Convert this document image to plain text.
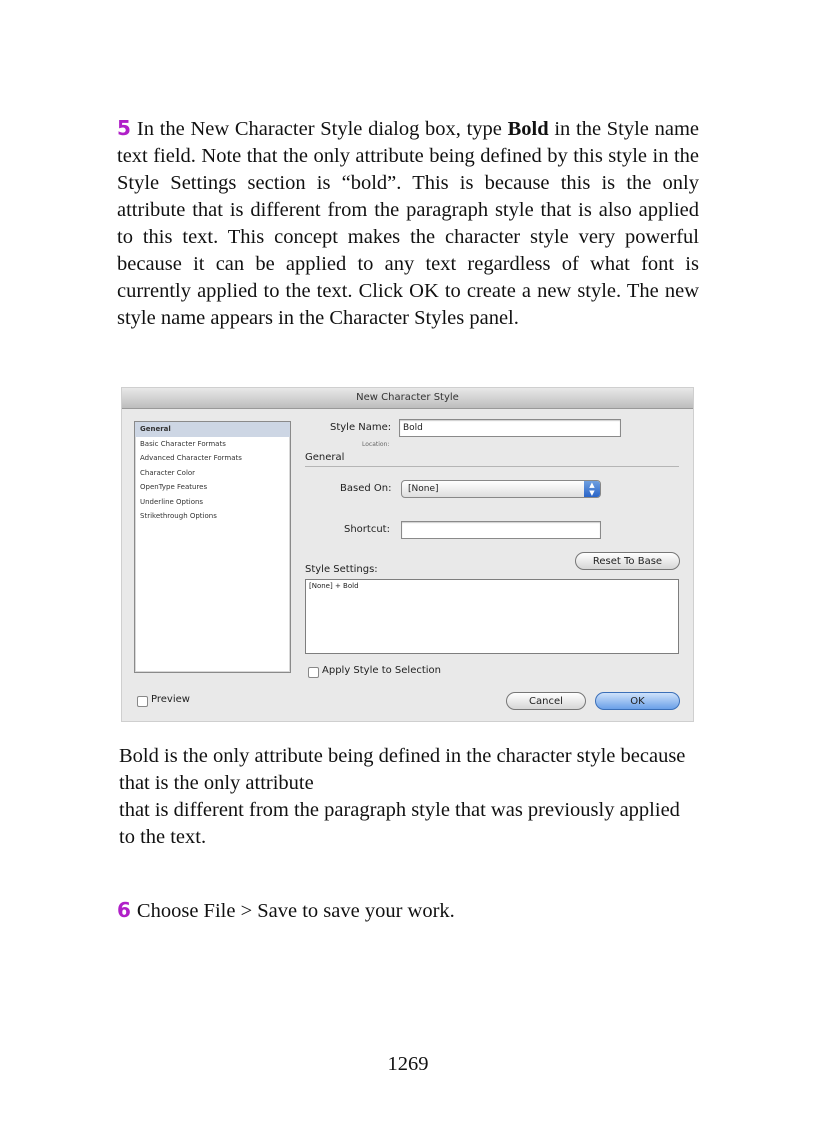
5 In the New Character Style dialog box, type Bold in the Style name text field. Note that the only attribute being defined by this style in the Style Settings section is “bold”. This is because this is the only attribute that is different from the paragraph style that is also applied to this text. This concept makes the character style very powerful because it can be applied to any text regardless of what font is currently applied to the text. Click OK to create a new style. The new style name appears in the Character Styles panel.
New Character Style
General
Basic Character Formats
Advanced Character Formats
Character Color
OpenType Features
Underline Options
Strikethrough Options
Style Name:	Bold
Location:
General
Based On:	[None]	▲
▼
Shortcut:
Reset To Base
Style Settings:
[None] + Bold
Apply Style to Selection
Preview	Cancel	OK
Bold is the only attribute being defined in the character style because that is the only attribute
that is different from the paragraph style that was previously applied to the text.
6 Choose File > Save to save your work.
1269
